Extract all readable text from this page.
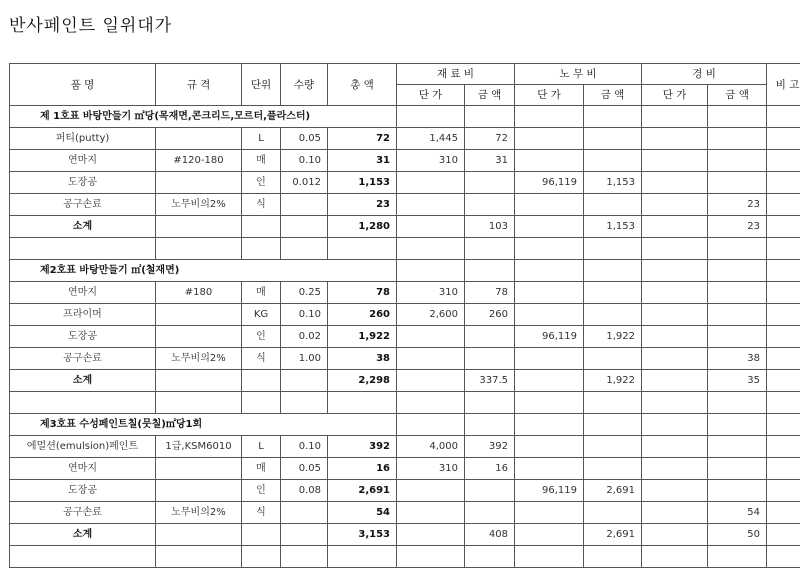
반사페인트 일위대가
품 명	규 격	단위	수량	총 액	재 료 비		노 무 비		경 비		비 고
					단 가	금 액	단 가	금 액	단 가	금 액	
제 1호표 바탕만들기 ㎡당(목재면,콘크리드,모르터,플라스터)											
퍼티(putty)		L	0.05	72	1,445	72					
연마지	#120-180	매	0.10	31	310	31					
도장공		인	0.012	1,153			96,119	1,153			
공구손료	노무비의2%	식		23						23	
소계				1,280		103		1,153		23	

제2호표 바탕만들기 ㎡(철재면)											
연마지	#180	매	0.25	78	310	78					
프라이머		KG	0.10	260	2,600	260					
도장공		인	0.02	1,922			96,119	1,922			
공구손료	노무비의2%	식	1.00	38						38	
소계				2,298		337.5		1,922		35	

제3호표 수성페인트칠(뭇칠)㎡당1회											
에멀션(emulsion)페인트	1급,KSM6010	L	0.10	392	4,000	392					
연마지		매	0.05	16	310	16					
도장공		인	0.08	2,691			96,119	2,691			
공구손료	노무비의2%	식		54						54	
소계				3,153		408		2,691		50	
